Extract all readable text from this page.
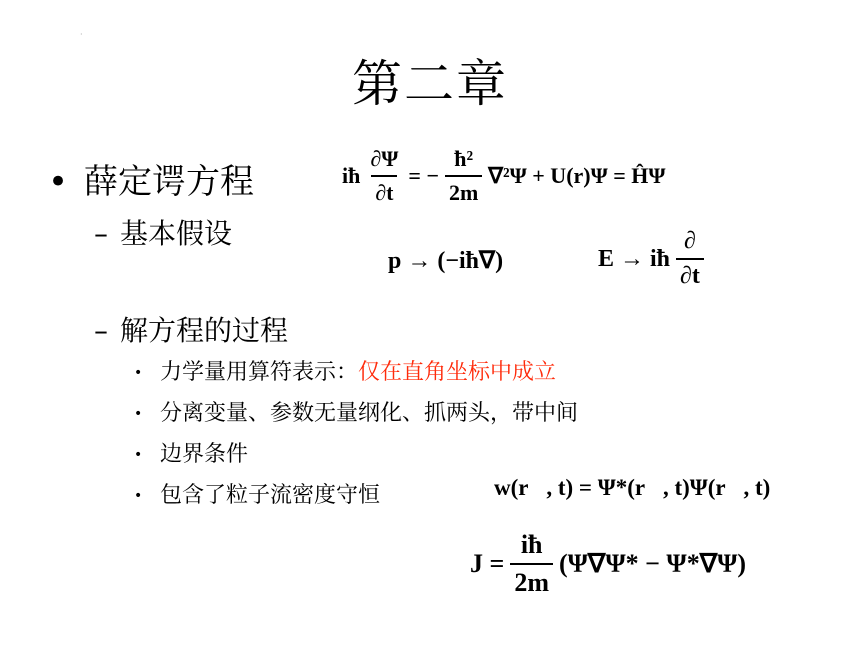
·
第二章
• 薛定谔方程	iħ $\frac{\partial\Psi}{\partial t}$ = − $\frac{\text{ħ²}}{2m} \nabla^2\Psi + U(r)\Psi$ = ĤΨ
– 基本假设
p → (−iħ∇)	E → iħ $\frac{\partial}{\partial t}$
– 解方程的过程
• 力学量用算符表示：仅在直角坐标中成立
• 分离变量、参数无量纲化、抓两头，带中间
• 边界条件
• 包含了粒子流密度守恒	w(r⃗, t) = Ψ*(r⃗, t)Ψ(r⃗, t)
$J = \frac{iħ}{2m} (\Psi\nabla\Psi* - \Psi*\nabla\Psi)$
